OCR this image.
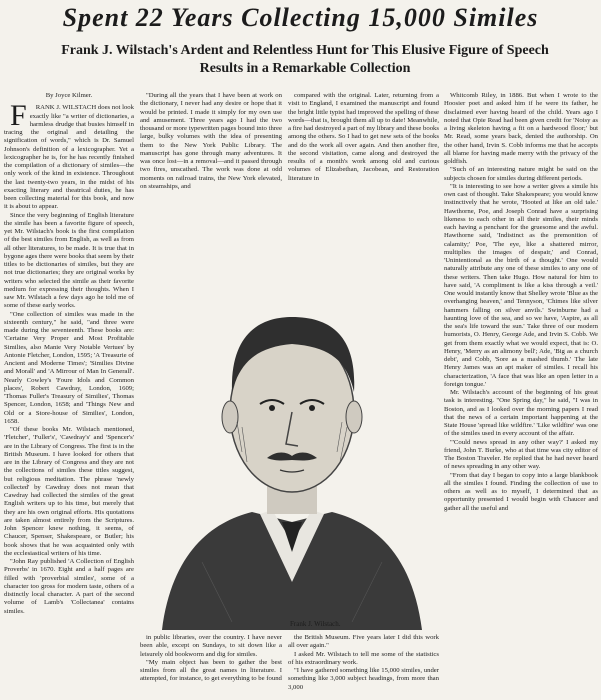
Spent 22 Years Collecting 15,000 Similes
Frank J. Wilstach's Ardent and Relentless Hunt for This Elusive Figure of Speech Results in a Remarkable Collection

By Joyce Kilmer.

F	RANK J. WILSTACH does not look exactly like "a writer of dictionaries, a harmless drudge that busies himself in tracing the original and detailing the signification of words," which is Dr. Samuel Johnson's definition of a lexicographer. Yet a lexicographer he is, for he has recently finished the compilation of a dictionary of similes—the only work of the kind in existence. Throughout the last twenty-two years, in the midst of his exacting literary and theatrical duties, he has been collecting material for this book, and now it is about to appear.

Since the very beginning of English literature the simile has been a favorite figure of speech, yet Mr. Wilstach's book is the first compilation of the best similes from English, as well as from all other literatures, to be made. It is true that in bygone ages there were books that seem by their titles to be dictionaries of similes, but they are not true dictionaries; they are original works by writers who selected the simile as their favorite medium for expressing their thoughts. When I saw Mr. Wilstach a few days ago he told me of some of these early works.

"One collection of similes was made in the sixteenth century," he said, "and three were made during the seventeenth. These books are: 'Certaine Very Proper and Most Profitable Similies, also Manie Very Notable Vertues' by Antonie Fletcher, London, 1595; 'A Treasurie of Ancient and Moderne Times'; 'Similies Divine and Morall' and 'A Mirrour of Man In Generall'. Nearly Cowley's 'Foure Idols and Common places', Robert Cawdray, London, 1609; 'Thomas Fuller's Treasury of Similies', Thomas Spencer, London, 1658; and 'Things New and Old or a Store-house of Similies', London, 1658.

"Of these books Mr. Wilstach mentioned, 'Fletcher', 'Fuller's', 'Cawdray's' and 'Spencer's' are in the Library of Congress. The first is in the British Museum. I have looked for others that are in the Library of Congress and they are not the collections of similes these titles suggest, but religious meditation. The phrase 'newly collected' by Cawdray does not mean that Cawdray had collected the similes of the great English writers up to his time, but merely that they are his own original efforts. His quotations are taken almost entirely from the Scriptures. John Spencer knew nothing, it seems, of Chaucer, Spenser, Shakespeare, or Butler; his book shows that he was acquainted only with the ecclesiastical writers of his time.

"John Ray published 'A Collection of English Proverbs' in 1670. Eight and a half pages are filled with 'proverbial similes', some of a character too gross for modern taste, others of a distinctly local character. A part of the second volume of Lamb's 'Collectanea' contains similes.

"During all the years that I have been at work on the dictionary, I never had any desire or hope that it would be printed. I made it simply for my own use and amusement. Three years ago I had the two thousand or more typewritten pages bound into three large, bulky volumes with the idea of presenting them to the New York Public Library. The manuscript has gone through many adventures. It was once lost—in a removal—and it passed through two fires, unscathed. The work was done at odd moments on railroad trains, the New York elevated, on steamships, and

compared with the original. Later, returning from a visit to England, I examined the manuscript and found the bright little typist had improved the spelling of these words—that is, brought them all up to date! Meanwhile, a fire had destroyed a part of my library and these books among the others. So I had to get new sets of the books and do the work all over again. And then another fire, the second visitation, came along and destroyed the results of a month's work among old and curious volumes of Elizabethan, Jacobean, and Restoration literature in

Whitcomb Riley, in 1886. But when I wrote to the Hoosier poet and asked him if he were its father, he disclaimed ever having heard of the child. Years ago I noted that Opie Read had been given credit for 'Noisy as a living skeleton having a fit on a hardwood floor;' but Mr. Read, some years back, denied the authorship. On the other hand, Irvin S. Cobb informs me that he accepts all blame for having made merry with the privacy of the goldfish.

"Such of an interesting nature might be said on the subjects chosen for similes during different periods.

"It is interesting to see how a writer gives a simile his own cast of thought. Take Shakespeare; you would know instinctively that he wrote, 'Hooted at like an old tale.' Hawthorne, Poe, and Joseph Conrad have a surprising likeness to each other in all their similes, their minds each having a penchant for the gruesome and the awful. Hawthorne said, 'Indistinct as the premonition of calamity;' Poe, 'The eye, like a shattered mirror, multiplies the images of despair,' and Conrad, 'Unintentional as the birth of a thought.' One would naturally attribute any one of these similes to any one of these writers. Then take Hugo. How natural for him to have said, 'A compliment is like a kiss through a veil.' One would instantly know that Shelley wrote 'Blue as the overhanging heaven,' and Tennyson, 'Chimes like silver hammers falling on silver anvils.' Swinburne had a haunting love of the sea, and so we have, 'Aspire, as all the sea's life toward the sun.' Take three of our modern humorists, O. Henry, George Ade, and Irvin S. Cobb. We get from them exactly what we would expect, that is: O. Henry, 'Merry as an alimony bell'; Ade, 'Big as a church debt', and Cobb, 'Sore as a mashed thumb.' The late Henry James was an apt maker of similes. I recall his characterization, 'A face that was like an open letter in a foreign tongue.'

Mr. Wilstach's account of the beginning of his great task is interesting. "One Spring day," he said, "I was in Boston, and as I looked over the morning papers I read that the news of a certain important happening at the State House 'spread like wildfire.' 'Like wildfire' was one of the similes used in every account of the affair.

"'Could news spread in any other way?' I asked my friend, John T. Burke, who at that time was city editor of The Boston Traveler. He replied that he had never heard of news spreading in any other way.

"From that day I began to copy into a large blankbook all the similes I found. Finding the collection of use to others as well as to myself, I determined that as opportunity presented I would begin with Chaucer and gather all the useful and

Frank J. Wilstach.

in public libraries, over the country. I have never been able, except on Sundays, to sit down like a leisurely old bookworm and dig for similes.

"My main object has been to gather the best similes from all the great names in literature. I attempted, for instance, to get everything to be found

the British Museum. Five years later I did this work all over again."

I asked Mr. Wilstach to tell me some of the statistics of his extraordinary work.

"I have gathered something like 15,000 similes, under something like 3,000 subject headings, from more than 3,000
